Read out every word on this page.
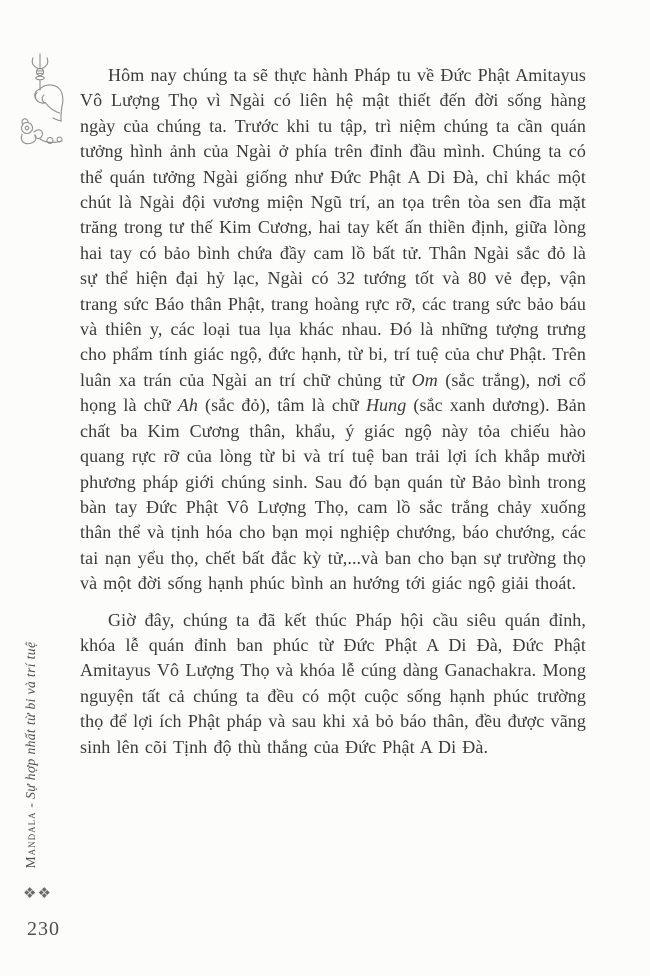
Hôm nay chúng ta sẽ thực hành Pháp tu về Đức Phật Amitayus Vô Lượng Thọ vì Ngài có liên hệ mật thiết đến đời sống hàng ngày của chúng ta. Trước khi tu tập, trì niệm chúng ta cần quán tưởng hình ảnh của Ngài ở phía trên đỉnh đầu mình. Chúng ta có thể quán tưởng Ngài giống như Đức Phật A Di Đà, chỉ khác một chút là Ngài đội vương miện Ngũ trí, an tọa trên tòa sen đĩa mặt trăng trong tư thế Kim Cương, hai tay kết ấn thiền định, giữa lòng hai tay có bảo bình chứa đầy cam lồ bất tử. Thân Ngài sắc đỏ là sự thể hiện đại hỷ lạc, Ngài có 32 tướng tốt và 80 vẻ đẹp, vận trang sức Báo thân Phật, trang hoàng rực rỡ, các trang sức bảo báu và thiên y, các loại tua lụa khác nhau. Đó là những tượng trưng cho phẩm tính giác ngộ, đức hạnh, từ bi, trí tuệ của chư Phật. Trên luân xa trán của Ngài an trí chữ chủng tử Om (sắc trắng), nơi cổ họng là chữ Ah (sắc đỏ), tâm là chữ Hung (sắc xanh dương). Bản chất ba Kim Cương thân, khẩu, ý giác ngộ này tỏa chiếu hào quang rực rỡ của lòng từ bi và trí tuệ ban trải lợi ích khắp mười phương pháp giới chúng sinh. Sau đó bạn quán từ Bảo bình trong bàn tay Đức Phật Vô Lượng Thọ, cam lồ sắc trắng chảy xuống thân thể và tịnh hóa cho bạn mọi nghiệp chướng, báo chướng, các tai nạn yểu thọ, chết bất đắc kỳ tử,...và ban cho bạn sự trường thọ và một đời sống hạnh phúc bình an hướng tới giác ngộ giải thoát.

Giờ đây, chúng ta đã kết thúc Pháp hội cầu siêu quán đỉnh, khóa lễ quán đỉnh ban phúc từ Đức Phật A Di Đà, Đức Phật Amitayus Vô Lượng Thọ và khóa lễ cúng dàng Ganachakra. Mong nguyện tất cả chúng ta đều có một cuộc sống hạnh phúc trường thọ để lợi ích Phật pháp và sau khi xả bỏ báo thân, đều được vãng sinh lên cõi Tịnh độ thù thắng của Đức Phật A Di Đà.

Mandala - Sự hợp nhất từ bi và trí tuệ
❖❖
230
